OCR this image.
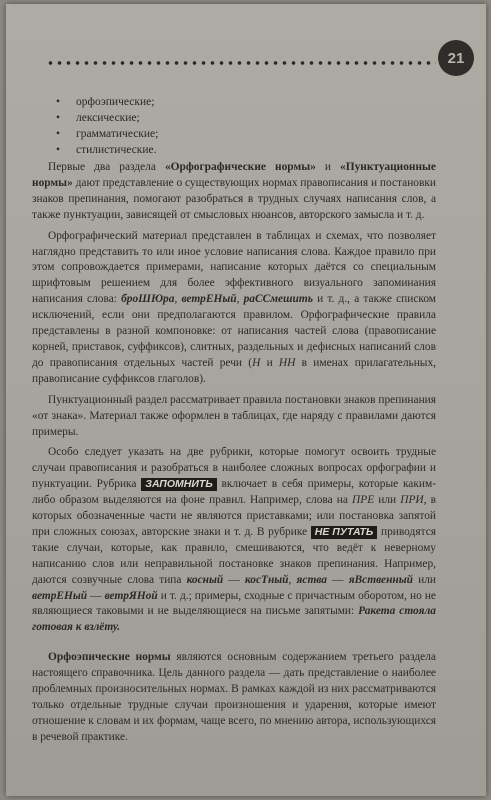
21
• орфоэпические;
• лексические;
• грамматические;
• стилистические.

Первые два раздела «Орфографические нормы» и «Пунктуационные нормы» дают представление о существующих нормах правописания и постановки знаков препинания, помогают разобраться в трудных случаях написания слов, а также пунктуации, зависящей от смысловых нюансов, авторского замысла и т. д.

Орфографический материал представлен в таблицах и схемах, что позволяет наглядно представить то или иное условие написания слова. Каждое правило при этом сопровождается примерами, написание которых даётся со специальным шрифтовым решением для более эффективного визуального запоминания написания слова: броШЮра, ветрЕНый, раССмешить и т. д., а также списком исключений, если они предполагаются правилом. Орфографические правила представлены в разной компоновке: от написания частей слова (правописание корней, приставок, суффиксов), слитных, раздельных и дефисных написаний слов до правописания отдельных частей речи (Н и НН в именах прилагательных, правописание суффиксов глаголов).

Пунктуационный раздел рассматривает правила постановки знаков препинания «от знака». Материал также оформлен в таблицах, где наряду с правилами даются примеры.

Особо следует указать на две рубрики, которые помогут освоить трудные случаи правописания и разобраться в наиболее сложных вопросах орфографии и пунктуации. Рубрика ЗАПОМНИТЬ включает в себя примеры, которые каким-либо образом выделяются на фоне правил. Например, слова на ПРЕ или ПРИ, в которых обозначенные части не являются приставками; или постановка запятой при сложных союзах, авторские знаки и т. д. В рубрике НЕ ПУТАТЬ приводятся такие случаи, которые, как правило, смешиваются, что ведёт к неверному написанию слов или неправильной постановке знаков препинания. Например, даются созвучные слова типа косный — косТный, яства — яВственный или ветрЕНый — ветрЯНой и т. д.; примеры, сходные с причастным оборотом, но не являющиеся таковыми и не выделяющиеся на письме запятыми: Ракета стояла готовая к взлёту.

Орфоэпические нормы являются основным содержанием третьего раздела настоящего справочника. Цель данного раздела — дать представление о наиболее проблемных произносительных нормах. В рамках каждой из них рассматриваются только отдельные трудные случаи произношения и ударения, которые имеют отношение к словам и их формам, чаще всего, по мнению автора, использующихся в речевой практике.
